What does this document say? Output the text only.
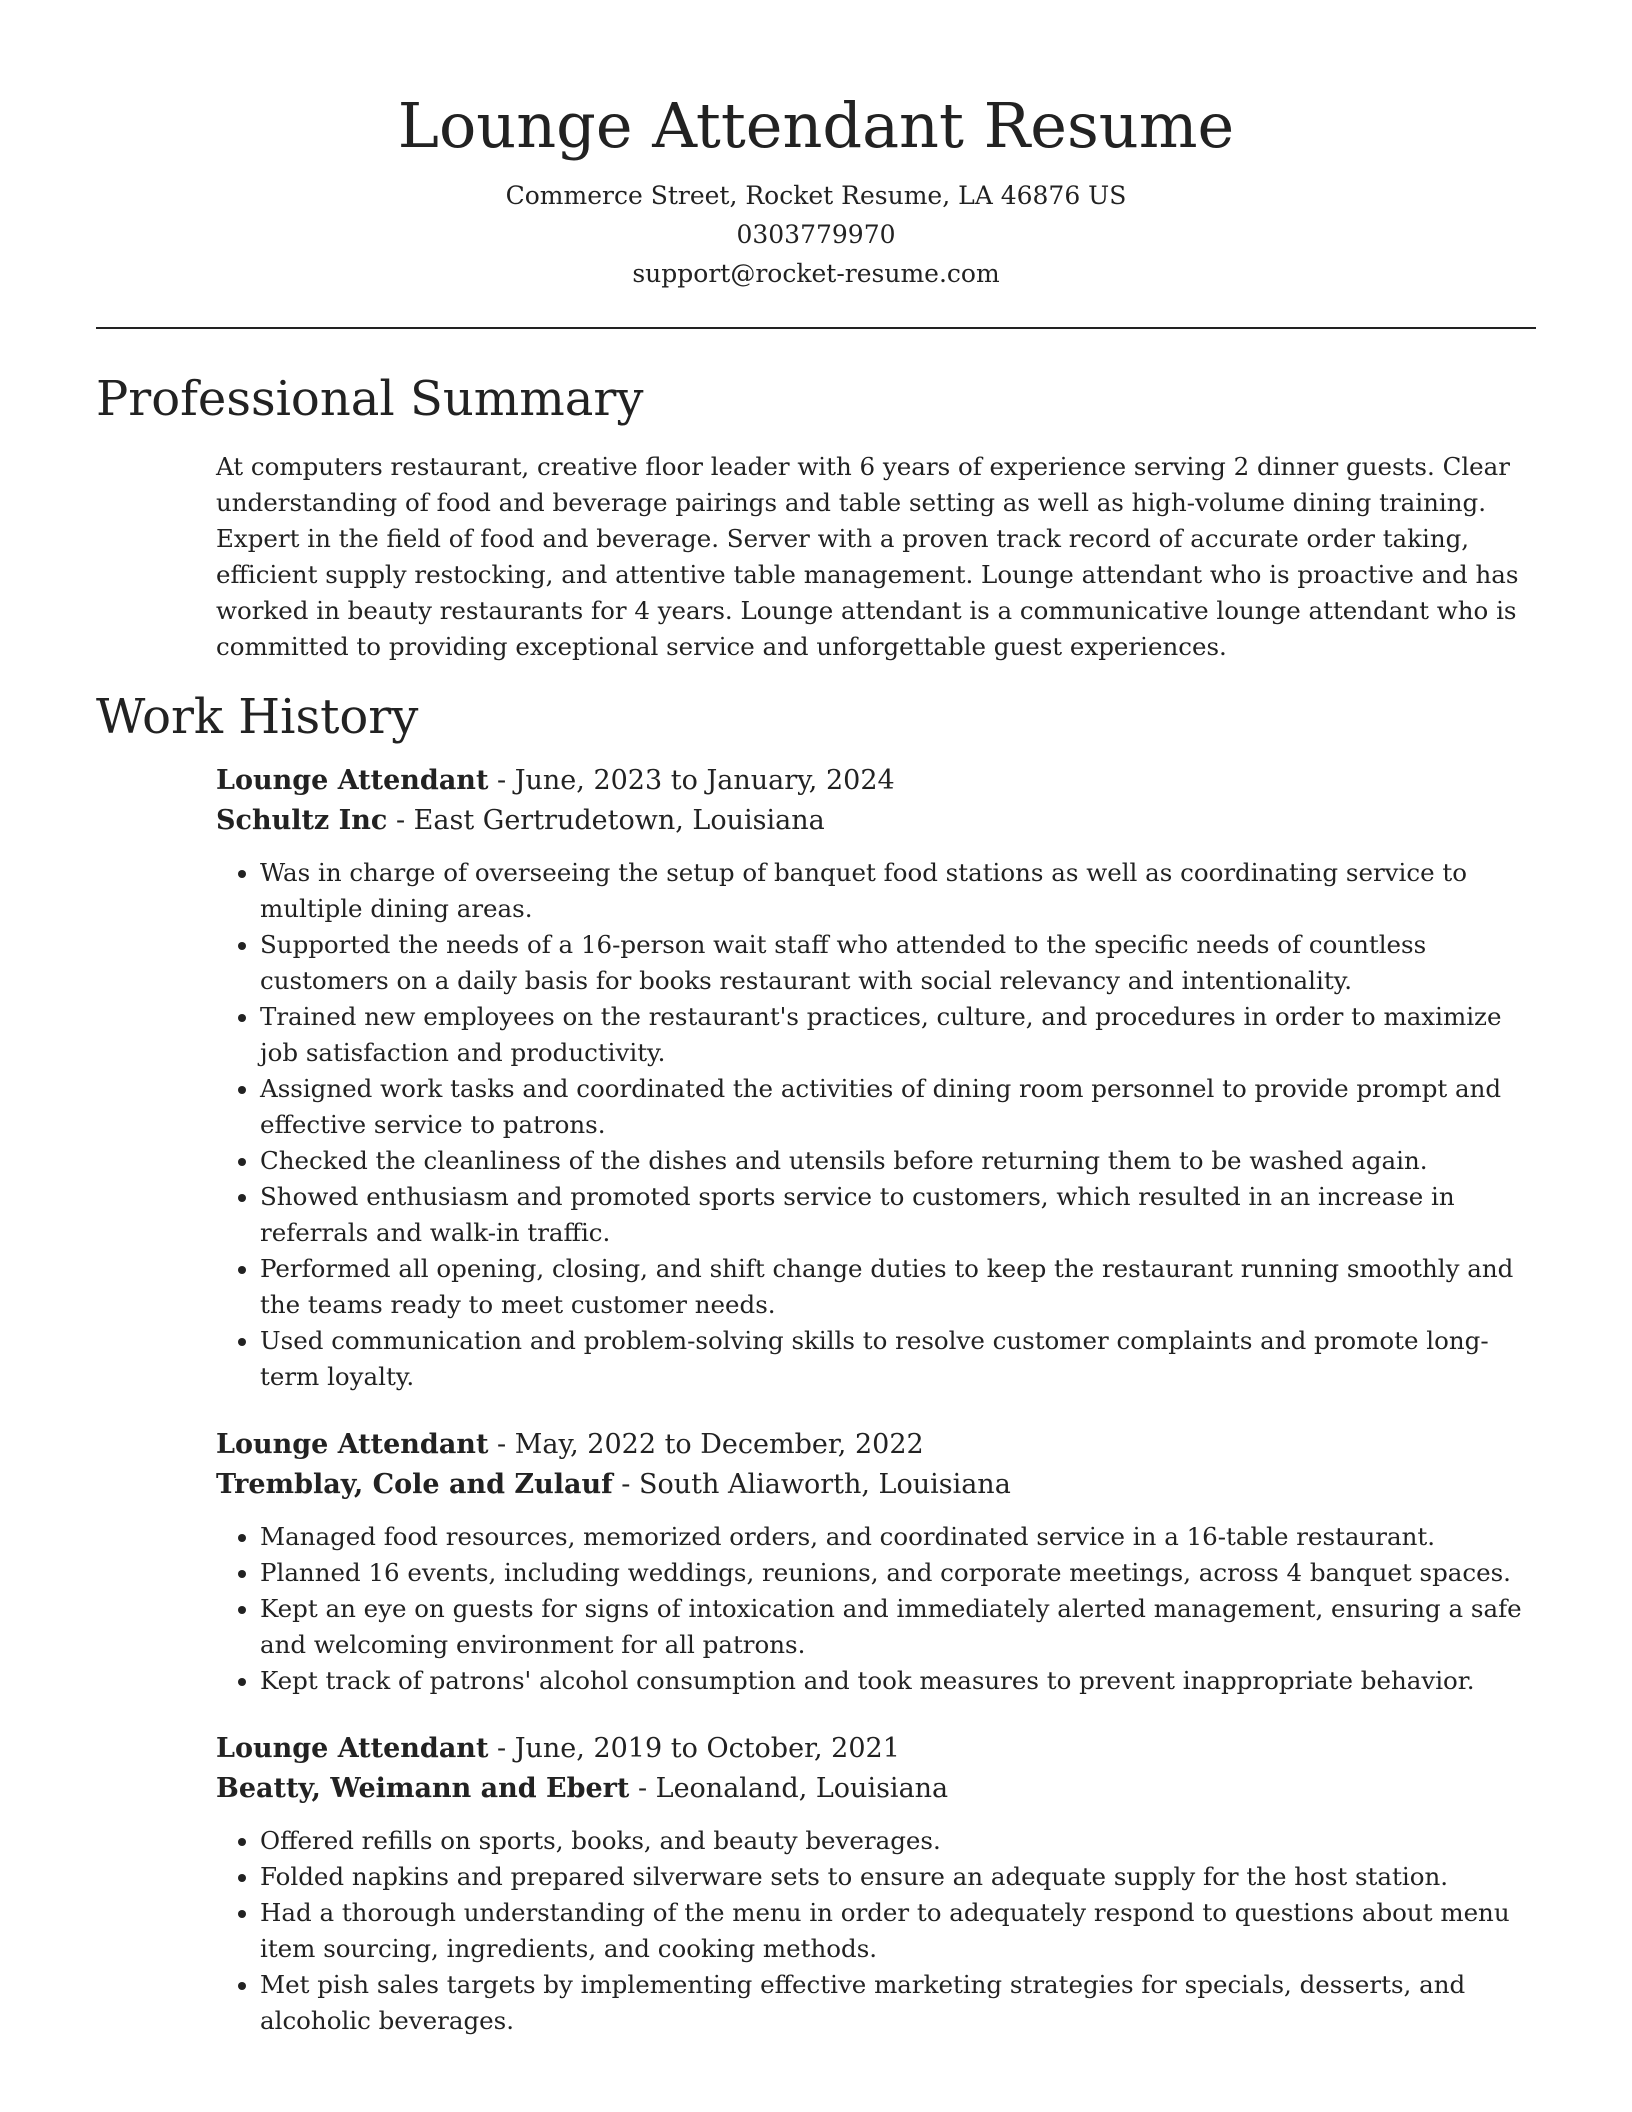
Lounge Attendant Resume
Commerce Street, Rocket Resume, LA 46876 US
0303779970
support@rocket-resume.com
Professional Summary

At computers restaurant, creative floor leader with 6 years of experience serving 2 dinner guests. Clear understanding of food and beverage pairings and table setting as well as high-volume dining training. Expert in the field of food and beverage. Server with a proven track record of accurate order taking, efficient supply restocking, and attentive table management. Lounge attendant who is proactive and has worked in beauty restaurants for 4 years. Lounge attendant is a communicative lounge attendant who is committed to providing exceptional service and unforgettable guest experiences.

Work History
Lounge Attendant - June, 2023 to January, 2024
Schultz Inc - East Gertrudetown, Louisiana
• Was in charge of overseeing the setup of banquet food stations as well as coordinating service to multiple dining areas.
• Supported the needs of a 16-person wait staff who attended to the specific needs of countless customers on a daily basis for books restaurant with social relevancy and intentionality.
• Trained new employees on the restaurant's practices, culture, and procedures in order to maximize job satisfaction and productivity.
• Assigned work tasks and coordinated the activities of dining room personnel to provide prompt and effective service to patrons.
• Checked the cleanliness of the dishes and utensils before returning them to be washed again.
• Showed enthusiasm and promoted sports service to customers, which resulted in an increase in referrals and walk-in traffic.
• Performed all opening, closing, and shift change duties to keep the restaurant running smoothly and the teams ready to meet customer needs.
• Used communication and problem-solving skills to resolve customer complaints and promote long-term loyalty.
Lounge Attendant - May, 2022 to December, 2022
Tremblay, Cole and Zulauf - South Aliaworth, Louisiana
• Managed food resources, memorized orders, and coordinated service in a 16-table restaurant.
• Planned 16 events, including weddings, reunions, and corporate meetings, across 4 banquet spaces.
• Kept an eye on guests for signs of intoxication and immediately alerted management, ensuring a safe and welcoming environment for all patrons.
• Kept track of patrons' alcohol consumption and took measures to prevent inappropriate behavior.
Lounge Attendant - June, 2019 to October, 2021
Beatty, Weimann and Ebert - Leonaland, Louisiana
• Offered refills on sports, books, and beauty beverages.
• Folded napkins and prepared silverware sets to ensure an adequate supply for the host station.
• Had a thorough understanding of the menu in order to adequately respond to questions about menu item sourcing, ingredients, and cooking methods.
• Met pish sales targets by implementing effective marketing strategies for specials, desserts, and alcoholic beverages.
